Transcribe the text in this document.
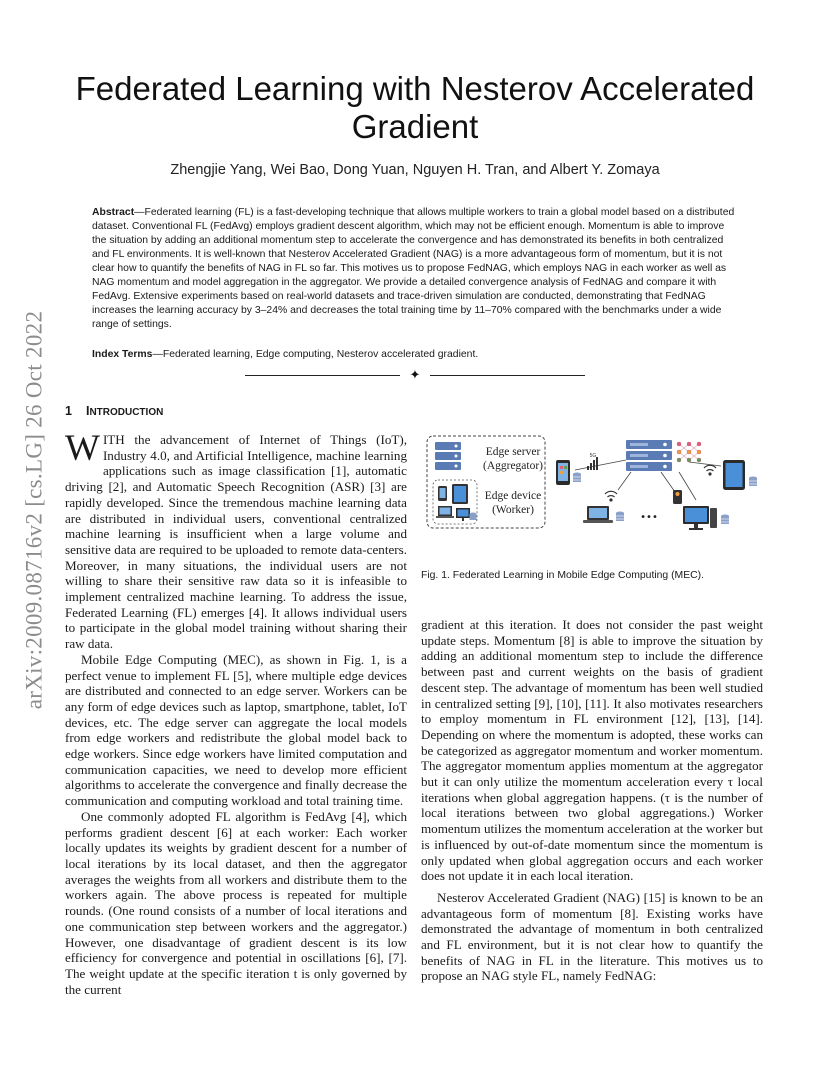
arXiv:2009.08716v2 [cs.LG] 26 Oct 2022
Federated Learning with Nesterov Accelerated Gradient
Zhengjie Yang, Wei Bao, Dong Yuan, Nguyen H. Tran, and Albert Y. Zomaya

Abstract—Federated learning (FL) is a fast-developing technique that allows multiple workers to train a global model based on a distributed dataset. Conventional FL (FedAvg) employs gradient descent algorithm, which may not be efficient enough. Momentum is able to improve the situation by adding an additional momentum step to accelerate the convergence and has demonstrated its benefits in both centralized and FL environments. It is well-known that Nesterov Accelerated Gradient (NAG) is a more advantageous form of momentum, but it is not clear how to quantify the benefits of NAG in FL so far. This motives us to propose FedNAG, which employs NAG in each worker as well as NAG momentum and model aggregation in the aggregator. We provide a detailed convergence analysis of FedNAG and compare it with FedAvg. Extensive experiments based on real-world datasets and trace-driven simulation are conducted, demonstrating that FedNAG increases the learning accuracy by 3–24% and decreases the total training time by 11–70% compared with the benchmarks under a wide range of settings.

Index Terms—Federated learning, Edge computing, Nesterov accelerated gradient.

✦
1 INTRODUCTION

WITH the advancement of Internet of Things (IoT), Industry 4.0, and Artificial Intelligence, machine learning applications such as image classification [1], automatic driving [2], and Automatic Speech Recognition (ASR) [3] are rapidly developed. Since the tremendous machine learning data are distributed in individual users, conventional centralized machine learning is insufficient when a large volume and sensitive data are required to be uploaded to remote data-centers. Moreover, in many situations, the individual users are not willing to share their sensitive raw data so it is infeasible to implement centralized machine learning. To address the issue, Federated Learning (FL) emerges [4]. It allows individual users to participate in the global model training without sharing their raw data.

Mobile Edge Computing (MEC), as shown in Fig. 1, is a perfect venue to implement FL [5], where multiple edge devices are distributed and connected to an edge server. Workers can be any form of edge devices such as laptop, smartphone, tablet, IoT devices, etc. The edge server can aggregate the local models from edge workers and redistribute the global model back to edge workers. Since edge workers have limited computation and communication capacities, we need to develop more efficient algorithms to accelerate the convergence and finally decrease the communication and computing workload and total training time.

One commonly adopted FL algorithm is FedAvg [4], which performs gradient descent [6] at each worker: Each worker locally updates its weights by gradient descent for a number of local iterations by its local dataset, and then the aggregator averages the weights from all workers and distribute them to the workers again. The above process is repeated for multiple rounds. (One round consists of a number of local iterations and one communication step between workers and the aggregator.) However, one disadvantage of gradient descent is its low efficiency for convergence and potential in oscillations [6], [7]. The weight update at the specific iteration t is only governed by the current

Edge server
(Aggregator)
Edge device
(Worker)
5G
•••

Fig. 1. Federated Learning in Mobile Edge Computing (MEC).

gradient at this iteration. It does not consider the past weight update steps. Momentum [8] is able to improve the situation by adding an additional momentum step to include the difference between past and current weights on the basis of gradient descent step. The advantage of momentum has been well studied in centralized setting [9], [10], [11]. It also motivates researchers to employ momentum in FL environment [12], [13], [14]. Depending on where the momentum is adopted, these works can be categorized as aggregator momentum and worker momentum. The aggregator momentum applies momentum at the aggregator but it can only utilize the momentum acceleration every τ local iterations when global aggregation happens. (τ is the number of local iterations between two global aggregations.) Worker momentum utilizes the momentum acceleration at the worker but is influenced by out-of-date momentum since the momentum is only updated when global aggregation occurs and each worker does not update it in each local iteration.

Nesterov Accelerated Gradient (NAG) [15] is known to be an advantageous form of momentum [8]. Existing works have demonstrated the advantage of momentum in both centralized and FL environment, but it is not clear how to quantify the benefits of NAG in FL in the literature. This motives us to propose an NAG style FL, namely FedNAG:
